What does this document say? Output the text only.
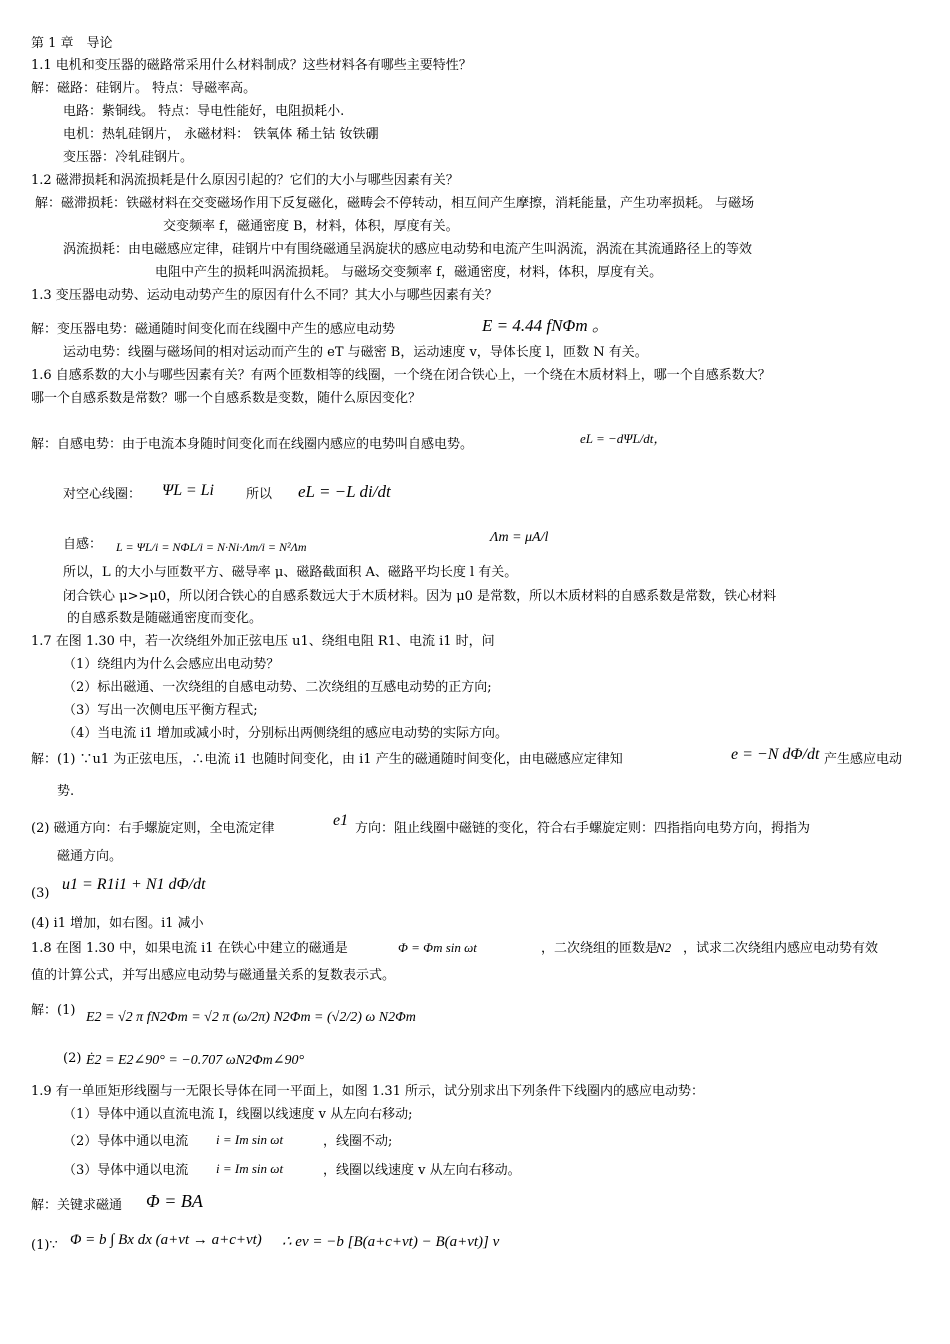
第 1 章　导论
1.1 电机和变压器的磁路常采用什么材料制成？这些材料各有哪些主要特性？
解：磁路：硅钢片。 特点：导磁率高。
电路：紫铜线。 特点：导电性能好，电阻损耗小.
电机：热轧硅钢片， 永磁材料： 铁氧体 稀土钴 钕铁硼
变压器：冷轧硅钢片。
1.2 磁滞损耗和涡流损耗是什么原因引起的？它们的大小与哪些因素有关？
解：磁滞损耗：铁磁材料在交变磁场作用下反复磁化，磁畴会不停转动，相互间产生摩擦，消耗能量，产生功率损耗。 与磁场
交变频率 f，磁通密度 B，材料，体积，厚度有关。
涡流损耗：由电磁感应定律，硅钢片中有围绕磁通呈涡旋状的感应电动势和电流产生叫涡流，涡流在其流通路径上的等效
电阻中产生的损耗叫涡流损耗。 与磁场交变频率 f，磁通密度，材料，体积，厚度有关。
1.3 变压器电动势、运动电动势产生的原因有什么不同？其大小与哪些因素有关？
解：变压器电势：磁通随时间变化而在线圈中产生的感应电动势	E = 4.44 fNΦm 。
运动电势：线圈与磁场间的相对运动而产生的 eT 与磁密 B，运动速度 v，导体长度 l，匝数 N 有关。
1.6 自感系数的大小与哪些因素有关？有两个匝数相等的线圈，一个绕在闭合铁心上，一个绕在木质材料上，哪一个自感系数大？
哪一个自感系数是常数？哪一个自感系数是变数，随什么原因变化？
解：自感电势：由于电流本身随时间变化而在线圈内感应的电势叫自感电势。	eL = −dΨL/dt，
对空心线圈： ΨL = Li 所以 eL = −L di/dt
自感： L = ΨL/i = NΦL/i = N·Ni·Λm/i = N²Λm
Λm = μA/l
所以，L 的大小与匝数平方、磁导率 μ、磁路截面积 A、磁路平均长度 l 有关。
闭合铁心 μ>>μ0，所以闭合铁心的自感系数远大于木质材料。因为 μ0 是常数，所以木质材料的自感系数是常数，铁心材料
的自感系数是随磁通密度而变化。
1.7 在图 1.30 中，若一次绕组外加正弦电压 u1、绕组电阻 R1、电流 i1 时，问
（1）绕组内为什么会感应出电动势？
（2）标出磁通、一次绕组的自感电动势、二次绕组的互感电动势的正方向;
（3）写出一次侧电压平衡方程式;
（4）当电流 i1 增加或减小时，分别标出两侧绕组的感应电动势的实际方向。
解：(1) ∵u1 为正弦电压，∴电流 i1 也随时间变化，由 i1 产生的磁通随时间变化，由电磁感应定律知	e = −N dΦ/dt 产生感应电动
势.
(2) 磁通方向：右手螺旋定则，全电流定律	e1 方向：阻止线圈中磁链的变化，符合右手螺旋定则：四指指向电势方向，拇指为
磁通方向。
(3)
u1 = R1i1 + N1 dΦ/dt
(4) i1 增加，如右图。i1 减小
1.8 在图 1.30 中，如果电流 i1 在铁心中建立的磁通是	Φ = Φm sin ωt	，二次绕组的匝数是
N2 ，试求二次绕组内感应电动势有效
值的计算公式，并写出感应电动势与磁通量关系的复数表示式。
解：(1) E2 = √2 π fN2Φm = √2 π (ω/2π) N2Φm = (√2/2) ω N2Φm
(2) Ė2 = E2∠90° = −0.707 ωN2Φm∠90°
1.9 有一单匝矩形线圈与一无限长导体在同一平面上，如图 1.31 所示，试分别求出下列条件下线圈内的感应电动势：
（1）导体中通以直流电流 I，线圈以线速度 v 从左向右移动;
（2）导体中通以电流 i = Im sin ωt	，线圈不动;
（3）导体中通以电流 i = Im sin ωt	，线圈以线速度 v 从左向右移动。
解：关键求磁通 Φ = BA
(1)∵ Φ = b ∫ Bx dx (a+vt → a+c+vt) ∴ ev = −b [B(a+c+vt) − B(a+vt)] v
